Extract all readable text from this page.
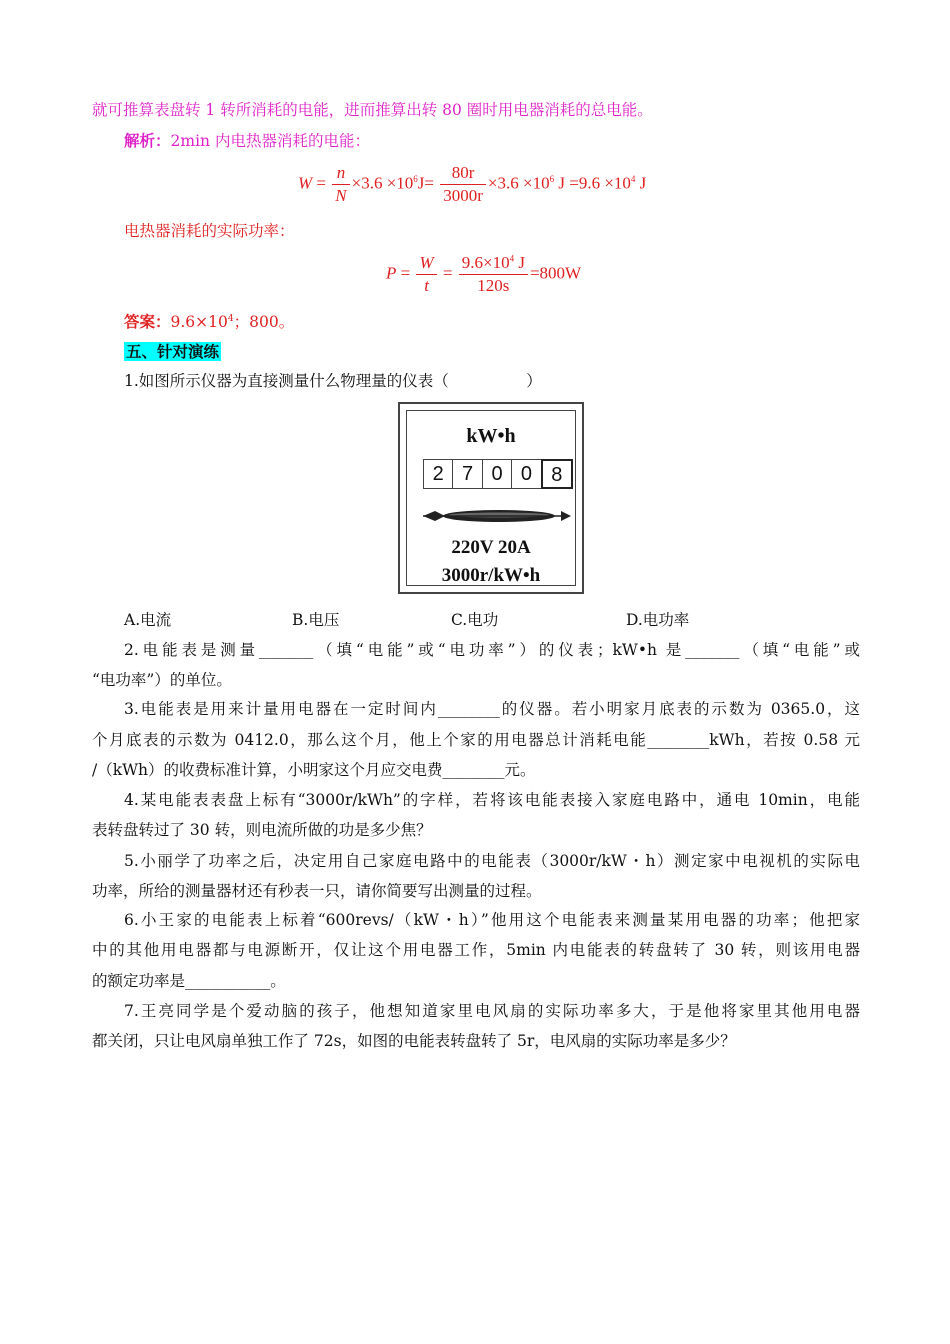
就可推算表盘转 1 转所消耗的电能，进而推算出转 80 圈时用电器消耗的总电能。
解析：2min 内电热器消耗的电能：
$W = \frac{n}{N} \times 3.6 \times 10^6J= \frac{80r}{3000r} \times 3.6 \times 10^6$ $J =9.6 \times 10^4$ J
电热器消耗的实际功率：
$P = \frac{W}{t} = \frac{9.6\times 10^4 J}{120s} =800W$
答案：$9.6\times 10^4$；800。
五、针对演练
1.如图所示仪器为直接测量什么物理量的仪表（　　　　　）
kW•h
2 7 0 0 8
220V 20A
3000r/kW•h
A.电流	B.电压	C.电功	D.电功率
2.电能表是测量_______（填“电能”或“电功率”）的仪表；kW•h 是_______（填“电能”或
“电功率”）的单位。
3.电能表是用来计量用电器在一定时间内________的仪器。若小明家月底表的示数为 0365.0，这
个月底表的示数为 0412.0，那么这个月，他上个家的用电器总计消耗电能________kWh，若按 0.58 元
/（kWh）的收费标准计算，小明家这个月应交电费________元。
4.某电能表表盘上标有“3000r/kWh”的字样，若将该电能表接入家庭电路中，通电 10min，电能
表转盘转过了 30 转，则电流所做的功是多少焦？
5.小丽学了功率之后，决定用自己家庭电路中的电能表（3000r/kW・h）测定家中电视机的实际电
功率，所给的测量器材还有秒表一只，请你简要写出测量的过程。
6.小王家的电能表上标着“600revs/（kW・h）”他用这个电能表来测量某用电器的功率；他把家
中的其他用电器都与电源断开，仅让这个用电器工作，5min 内电能表的转盘转了 30 转，则该用电器
的额定功率是___________。
7.王亮同学是个爱动脑的孩子，他想知道家里电风扇的实际功率多大，于是他将家里其他用电器
都关闭，只让电风扇单独工作了 72s，如图的电能表转盘转了 5r，电风扇的实际功率是多少？
